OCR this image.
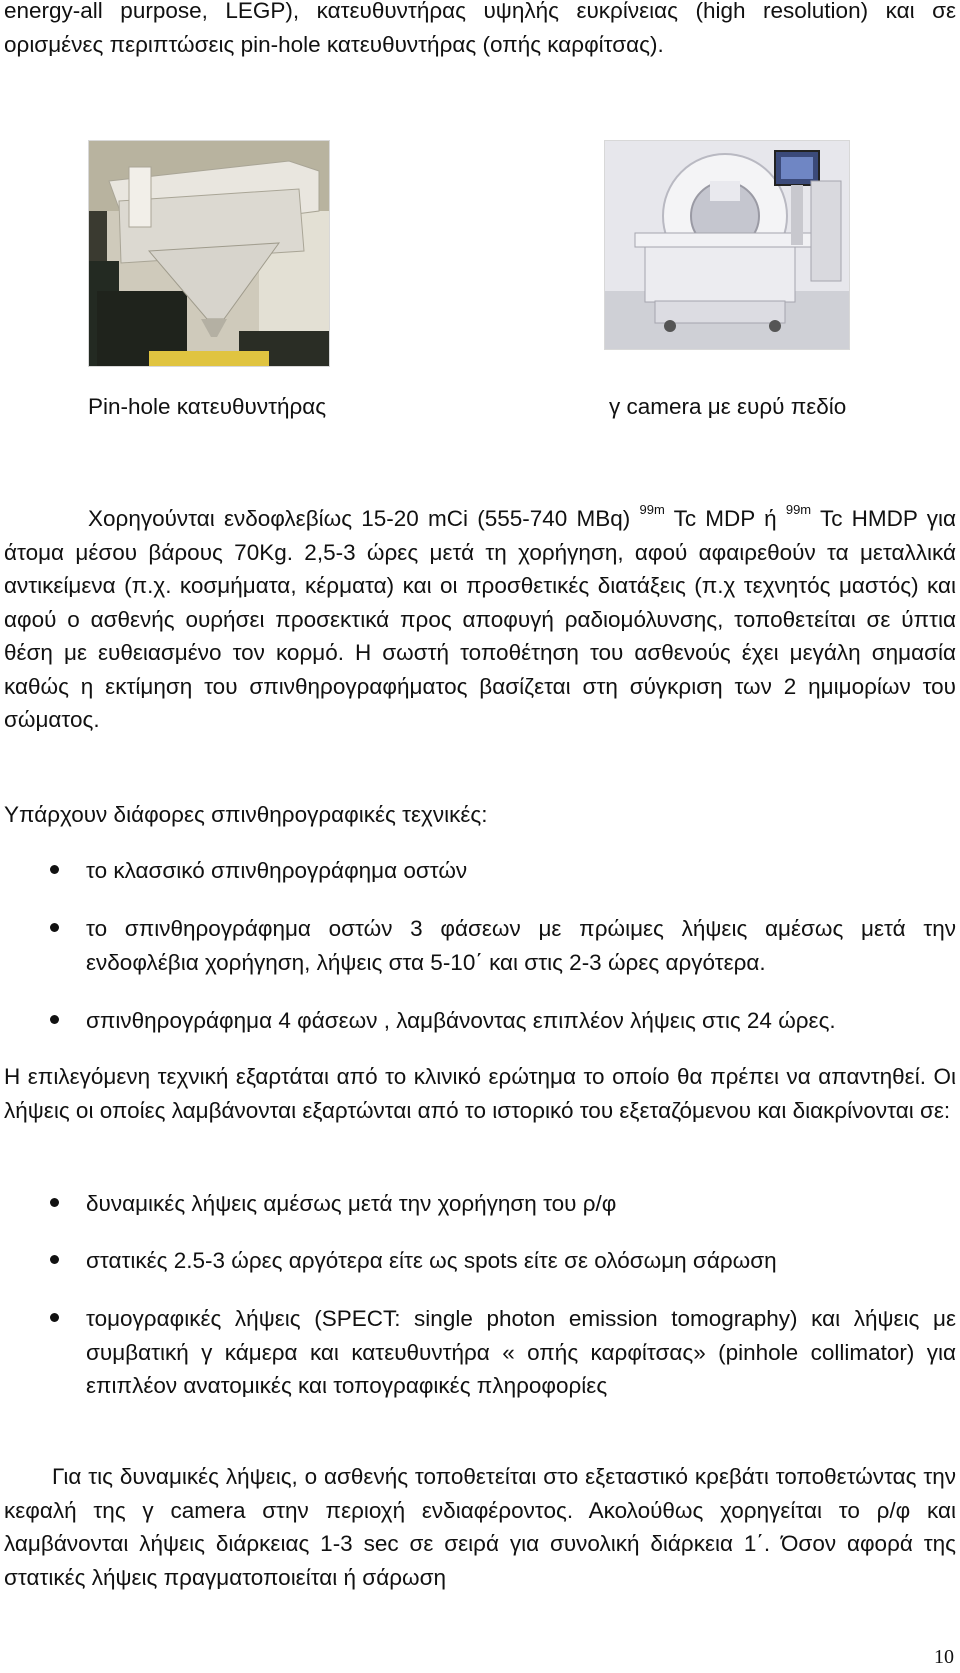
energy-all purpose, LEGP), κατευθυντήρας υψηλής ευκρίνειας (high resolution) και σε ορισμένες περιπτώσεις pin-hole κατευθυντήρας (οπής καρφίτσας).

Pin-hole κατευθυντήρας	γ camera με ευρύ πεδίο

Χορηγούνται ενδοφλεβίως 15-20 mCi (555-740 MBq) $^{99m}$ Tc MDP ή $^{99m}$ Tc HMDP για άτομα μέσου βάρους 70Kg. 2,5-3 ώρες μετά τη χορήγηση, αφού αφαιρεθούν τα μεταλλικά αντικείμενα (π.χ. κοσμήματα, κέρματα) και οι προσθετικές διατάξεις (π.χ τεχνητός μαστός) και αφού ο ασθενής ουρήσει προσεκτικά προς αποφυγή ραδιομόλυνσης, τοποθετείται σε ύπτια θέση με ευθειασμένο τον κορμό. Η σωστή τοποθέτηση του ασθενούς έχει μεγάλη σημασία καθώς η εκτίμηση του σπινθηρογραφήματος βασίζεται στη σύγκριση των 2 ημιμορίων του σώματος.

Υπάρχουν διάφορες σπινθηρογραφικές τεχνικές:

το κλασσικό σπινθηρογράφημα οστών
το σπινθηρογράφημα οστών 3 φάσεων με πρώιμες λήψεις αμέσως μετά την ενδοφλέβια χορήγηση, λήψεις στα 5-10΄ και στις 2-3 ώρες αργότερα.
σπινθηρογράφημα 4 φάσεων , λαμβάνοντας επιπλέον λήψεις στις 24 ώρες.

Η επιλεγόμενη τεχνική εξαρτάται από το κλινικό ερώτημα το οποίο θα πρέπει να απαντηθεί. Οι λήψεις οι οποίες λαμβάνονται εξαρτώνται από το ιστορικό του εξεταζόμενου και διακρίνονται σε:

δυναμικές λήψεις αμέσως μετά την χορήγηση του ρ/φ
στατικές 2.5-3 ώρες αργότερα είτε ως spots είτε σε ολόσωμη σάρωση
τομογραφικές λήψεις (SPECT: single photon emission tomography) και λήψεις με συμβατική γ κάμερα και κατευθυντήρα « οπής καρφίτσας» (pinhole collimator) για επιπλέον ανατομικές και τοπογραφικές πληροφορίες

Για τις δυναμικές λήψεις, ο ασθενής τοποθετείται στο εξεταστικό κρεβάτι τοποθετώντας την κεφαλή της γ camera στην περιοχή ενδιαφέροντος. Ακολούθως χορηγείται το ρ/φ και λαμβάνονται λήψεις διάρκειας 1-3 sec σε σειρά για συνολική διάρκεια 1΄. Όσον αφορά της στατικές λήψεις πραγματοποιείται ή σάρωση

10
